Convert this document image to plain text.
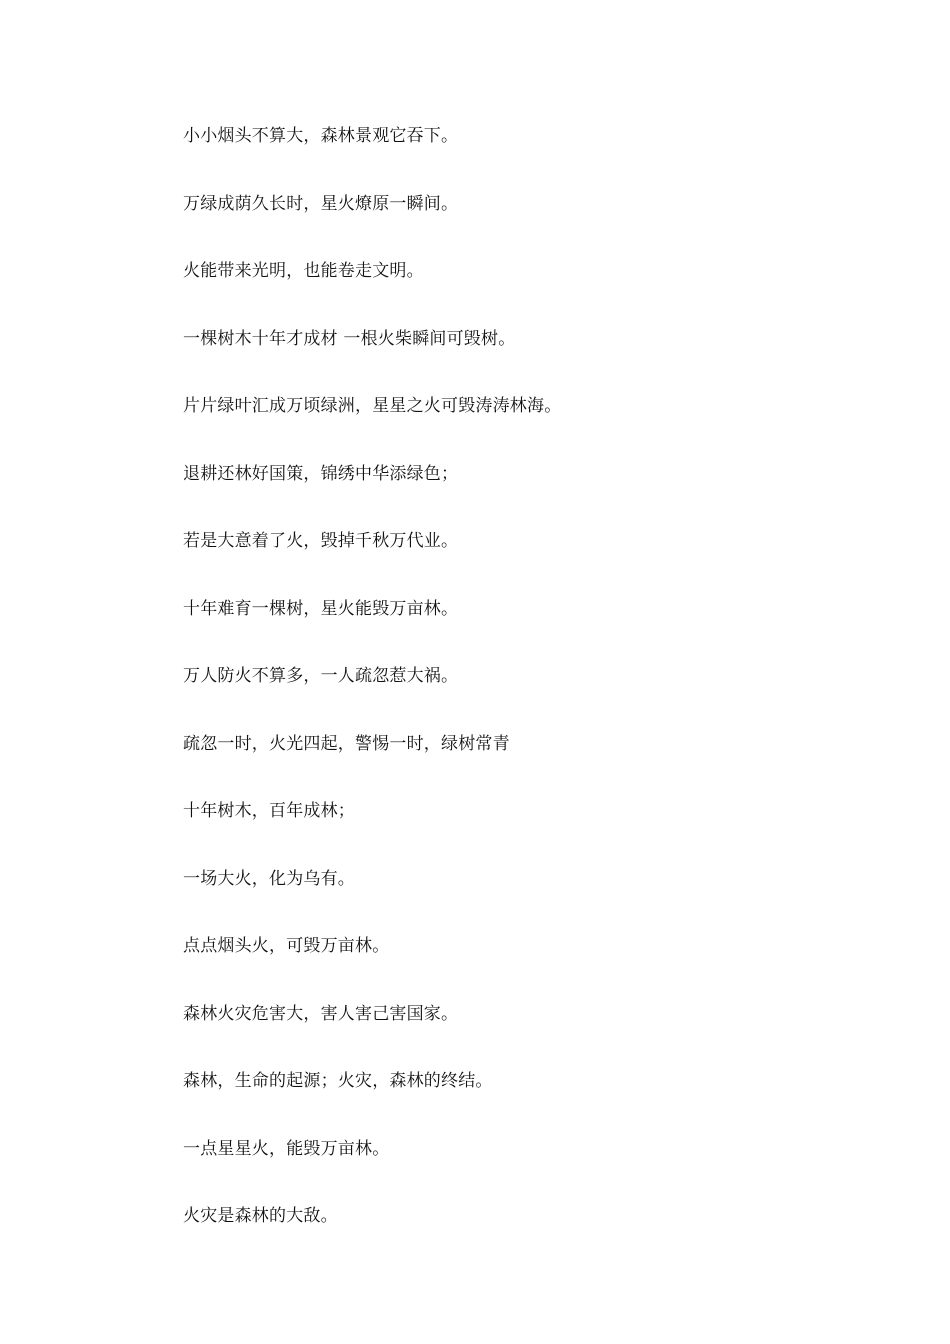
小小烟头不算大，森林景观它吞下。
万绿成荫久长时，星火燎原一瞬间。
火能带来光明，也能卷走文明。
一棵树木十年才成材 一根火柴瞬间可毁树。
片片绿叶汇成万顷绿洲，星星之火可毁涛涛林海。
退耕还林好国策，锦绣中华添绿色；
若是大意着了火，毁掉千秋万代业。
十年难育一棵树，星火能毁万亩林。
万人防火不算多，一人疏忽惹大祸。
疏忽一时，火光四起，警惕一时，绿树常青
十年树木，百年成林；
一场大火，化为乌有。
点点烟头火，可毁万亩林。
森林火灾危害大，害人害己害国家。
森林，生命的起源；火灾，森林的终结。
一点星星火，能毁万亩林。
火灾是森林的大敌。
